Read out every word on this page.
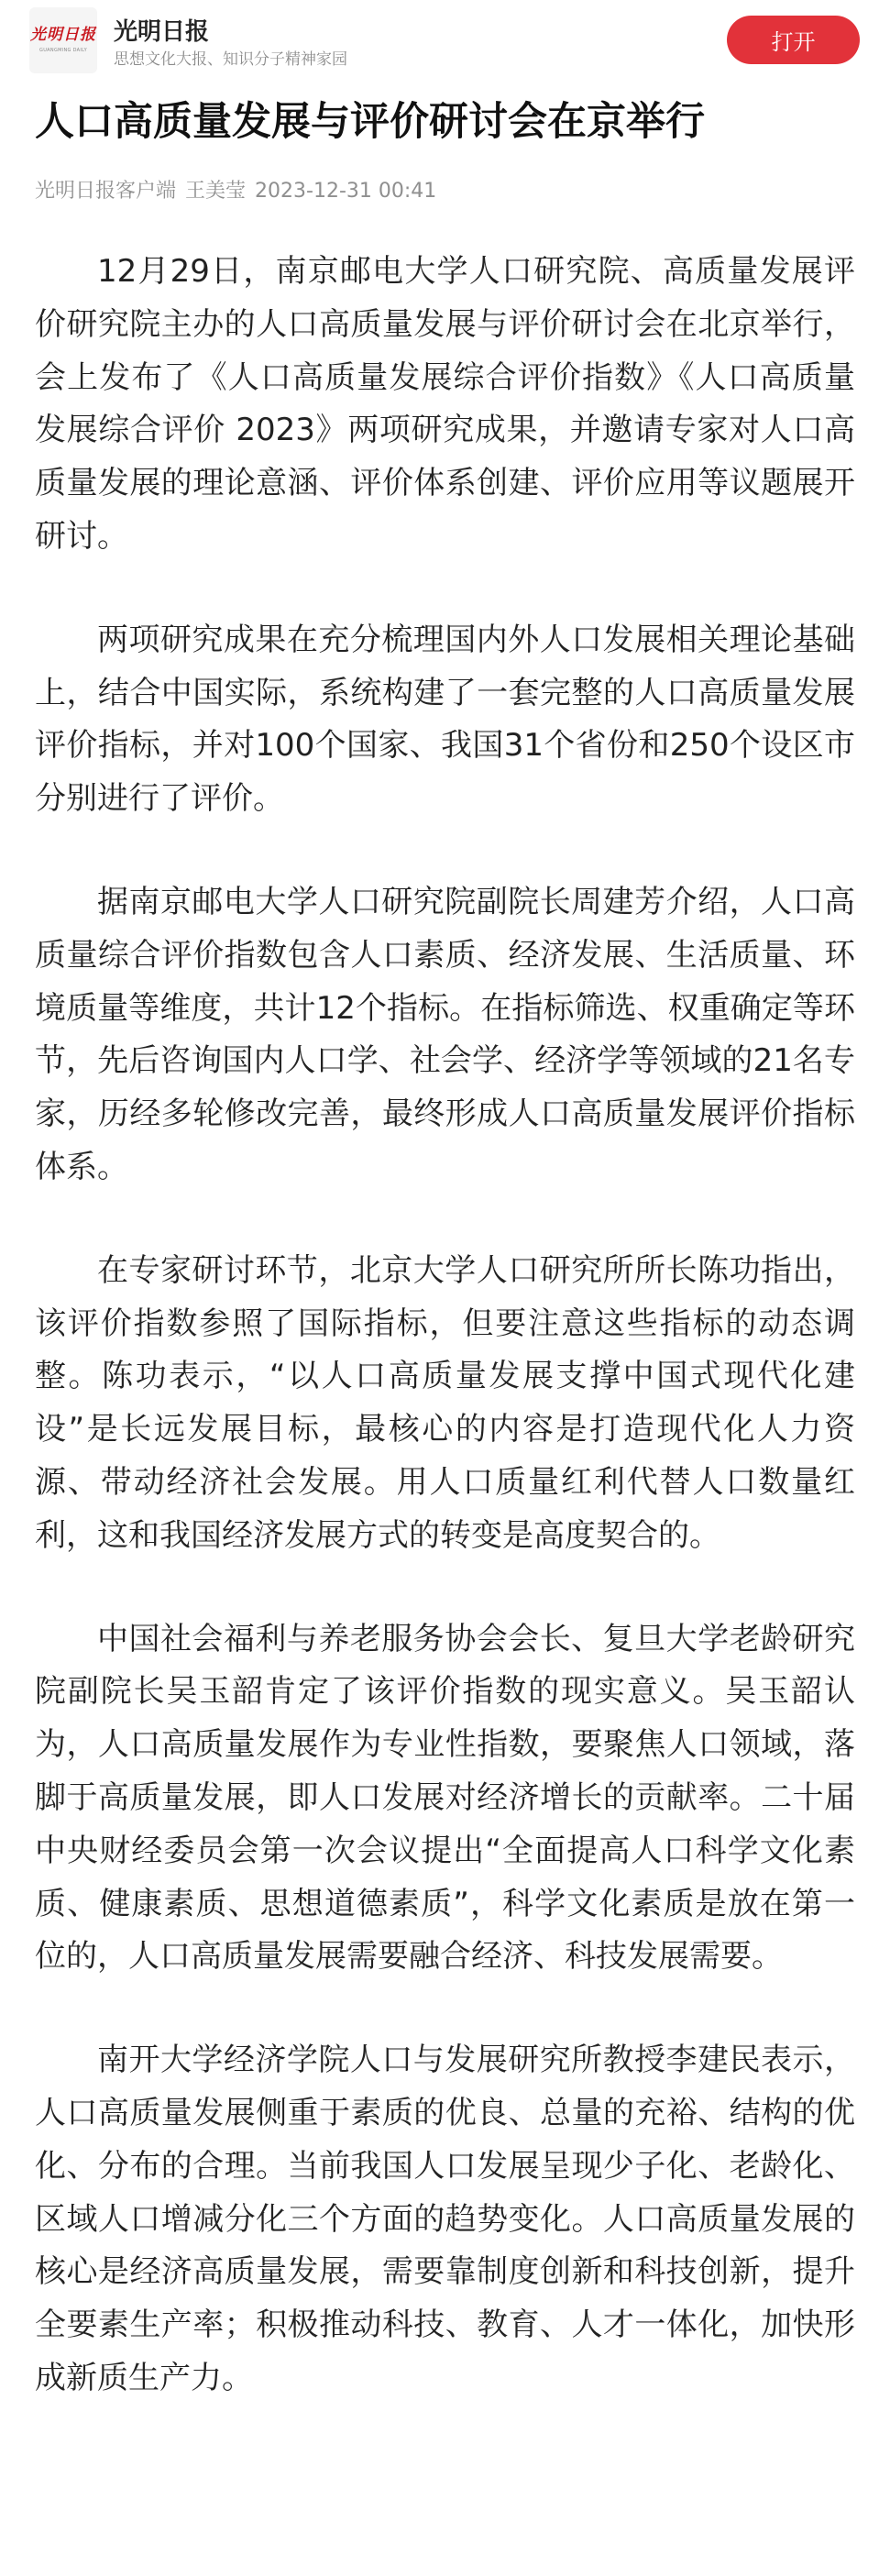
光明日报
GUANGMING DAILY
光明日报
思想文化大报、知识分子精神家园
打开
人口高质量发展与评价研讨会在京举行
光明日报客户端 王美莹 2023-12-31 00:41

12月29日，南京邮电大学人口研究院、高质量发展评价研究院主办的人口高质量发展与评价研讨会在北京举行，会上发布了《人口高质量发展综合评价指数》《人口高质量发展综合评价 2023》两项研究成果，并邀请专家对人口高质量发展的理论意涵、评价体系创建、评价应用等议题展开研讨。

两项研究成果在充分梳理国内外人口发展相关理论基础上，结合中国实际，系统构建了一套完整的人口高质量发展评价指标，并对100个国家、我国31个省份和250个设区市分别进行了评价。

据南京邮电大学人口研究院副院长周建芳介绍，人口高质量综合评价指数包含人口素质、经济发展、生活质量、环境质量等维度，共计12个指标。在指标筛选、权重确定等环节，先后咨询国内人口学、社会学、经济学等领域的21名专家，历经多轮修改完善，最终形成人口高质量发展评价指标体系。

在专家研讨环节，北京大学人口研究所所长陈功指出，该评价指数参照了国际指标，但要注意这些指标的动态调整。陈功表示，“以人口高质量发展支撑中国式现代化建设”是长远发展目标，最核心的内容是打造现代化人力资源、带动经济社会发展。用人口质量红利代替人口数量红利，这和我国经济发展方式的转变是高度契合的。

中国社会福利与养老服务协会会长、复旦大学老龄研究院副院长吴玉韶肯定了该评价指数的现实意义。吴玉韶认为，人口高质量发展作为专业性指数，要聚焦人口领域，落脚于高质量发展，即人口发展对经济增长的贡献率。二十届中央财经委员会第一次会议提出“全面提高人口科学文化素质、健康素质、思想道德素质”，科学文化素质是放在第一位的，人口高质量发展需要融合经济、科技发展需要。

南开大学经济学院人口与发展研究所教授李建民表示，人口高质量发展侧重于素质的优良、总量的充裕、结构的优化、分布的合理。当前我国人口发展呈现少子化、老龄化、区域人口增减分化三个方面的趋势变化。人口高质量发展的核心是经济高质量发展，需要靠制度创新和科技创新，提升全要素生产率；积极推动科技、教育、人才一体化，加快形成新质生产力。
